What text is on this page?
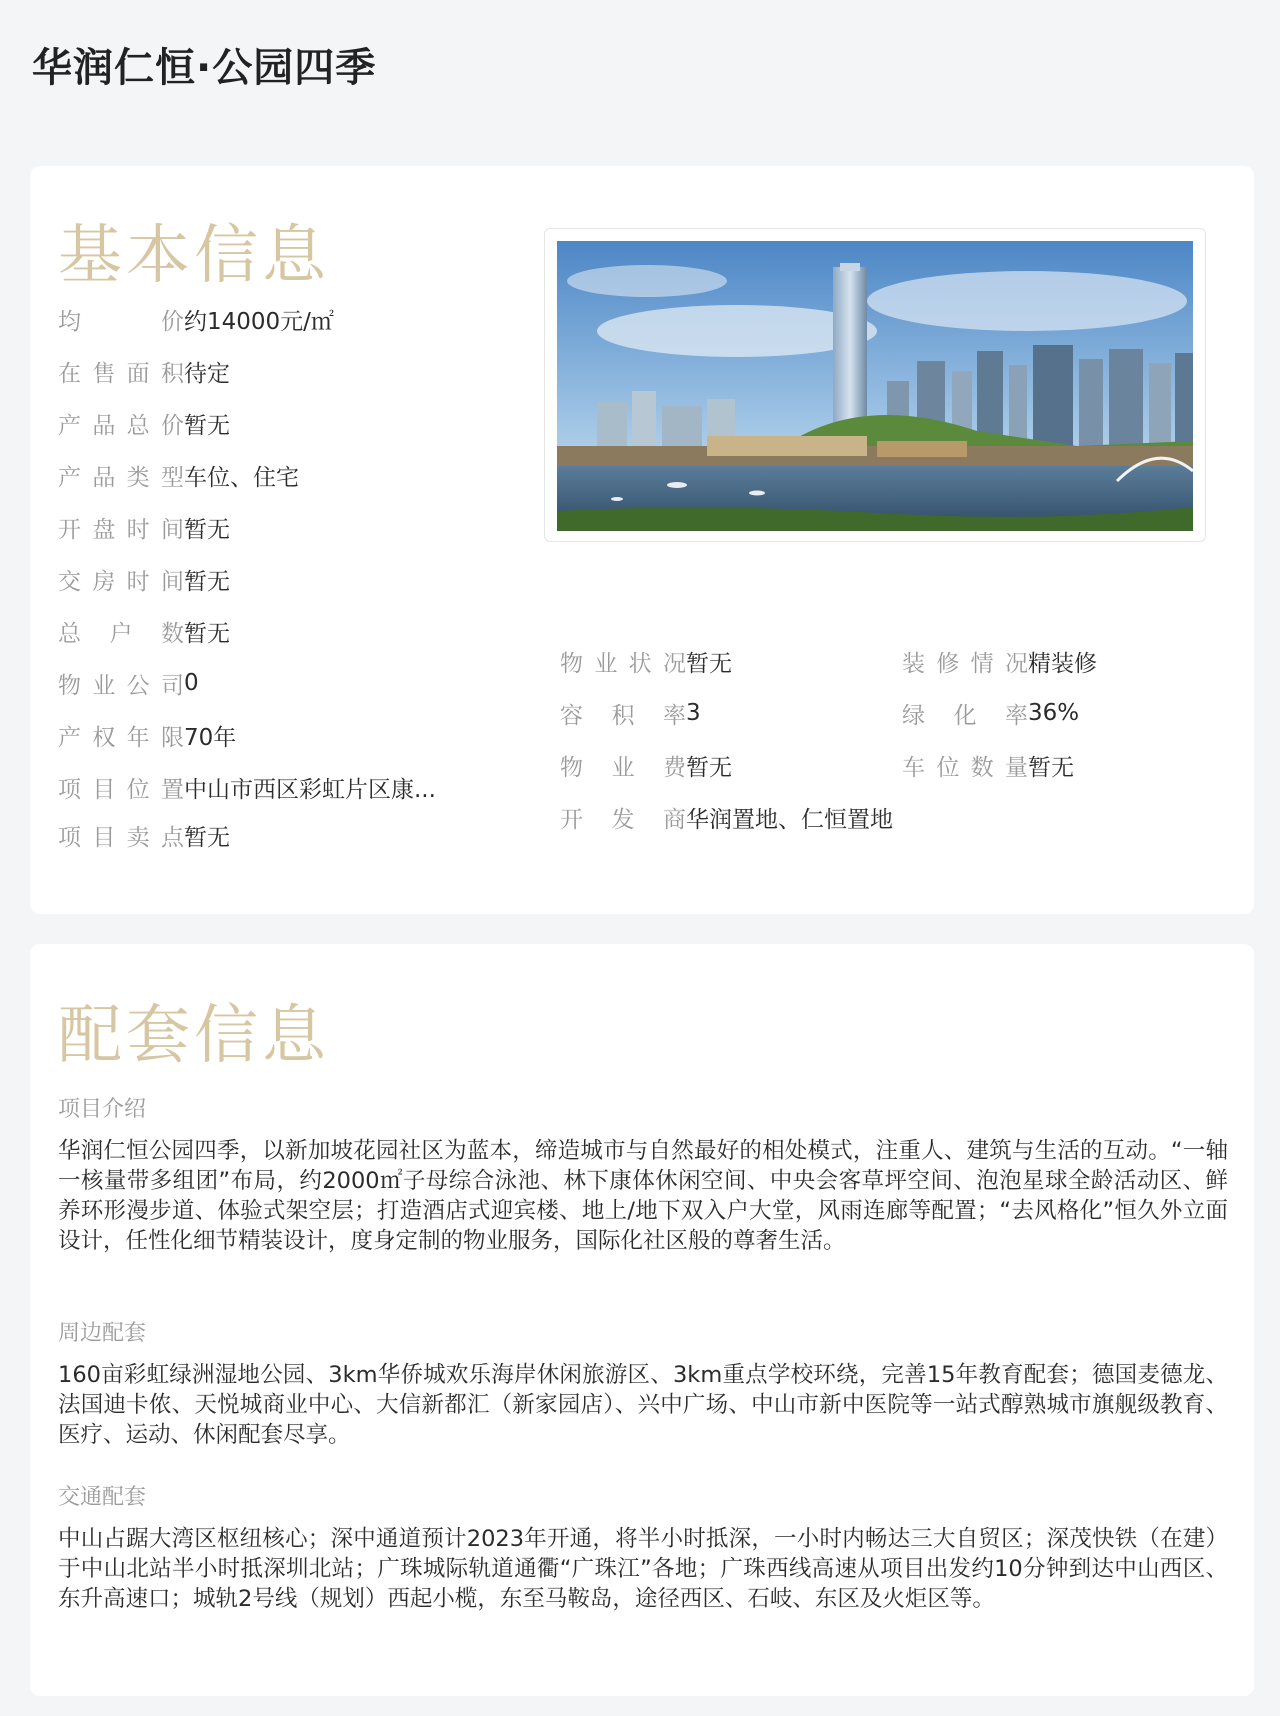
华润仁恒·公园四季
基本信息
均价 约14000元/㎡
在售面积 待定
产品总价 暂无
产品类型 车位、住宅
开盘时间 暂无
交房时间 暂无
总户数 暂无
物业公司 0
产权年限 70年
项目位置 中山市西区彩虹片区康...
项目卖点 暂无
物业状况 暂无
容积率 3
物业费 暂无
开发商 华润置地、仁恒置地
装修情况 精装修
绿化率 36%
车位数量 暂无
配套信息
项目介绍
华润仁恒公园四季，以新加坡花园社区为蓝本，缔造城市与自然最好的相处模式，注重人、建筑与生活的互动。“一轴一核量带多组团”布局，约2000㎡子母综合泳池、林下康体休闲空间、中央会客草坪空间、泡泡星球全龄活动区、鲜养环形漫步道、体验式架空层；打造酒店式迎宾楼、地上/地下双入户大堂，风雨连廊等配置；“去风格化”恒久外立面设计，任性化细节精装设计，度身定制的物业服务，国际化社区般的尊奢生活。
周边配套
160亩彩虹绿洲湿地公园、3km华侨城欢乐海岸休闲旅游区、3km重点学校环绕，完善15年教育配套；德国麦德龙、法国迪卡侬、天悦城商业中心、大信新都汇（新家园店）、兴中广场、中山市新中医院等一站式醇熟城市旗舰级教育、医疗、运动、休闲配套尽享。
交通配套
中山占踞大湾区枢纽核心；深中通道预计2023年开通，将半小时抵深，一小时内畅达三大自贸区；深茂快铁（在建）于中山北站半小时抵深圳北站；广珠城际轨道通衢“广珠江”各地；广珠西线高速从项目出发约10分钟到达中山西区、东升高速口；城轨2号线（规划）西起小榄，东至马鞍岛，途径西区、石岐、东区及火炬区等。
